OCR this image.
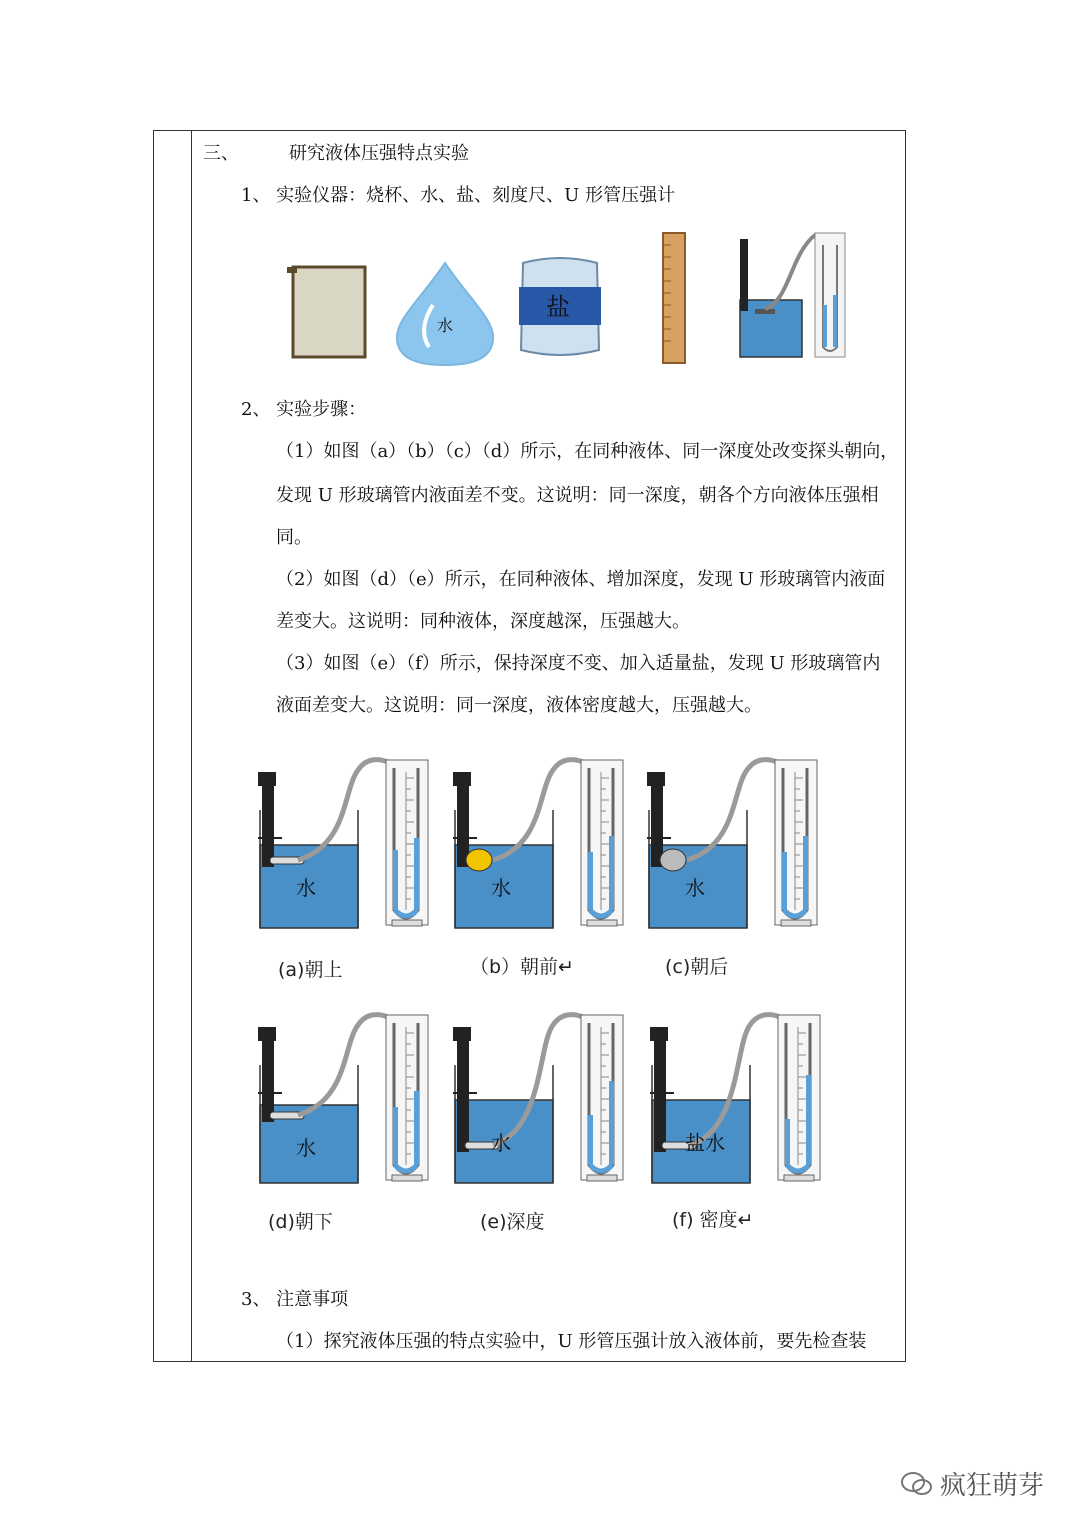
三、	研究液体压强特点实验
1、 实验仪器：烧杯、水、盐、刻度尺、U 形管压强计
水
盐
2、 实验步骤：
（1）如图（a）（b）（c）（d）所示，在同种液体、同一深度处改变探头朝向，
发现 U 形玻璃管内液面差不变。这说明：同一深度，朝各个方向液体压强相
同。
（2）如图（d）（e）所示，在同种液体、增加深度，发现 U 形玻璃管内液面
差变大。这说明：同种液体，深度越深，压强越大。
（3）如图（e）（f）所示，保持深度不变、加入适量盐，发现 U 形玻璃管内
液面差变大。这说明：同一深度，液体密度越大，压强越大。
水	水	水
水	水	盐水
(a)朝上	（b）朝前↵	(c)朝后
(d)朝下	(e)深度	(f) 密度↵
3、 注意事项
（1）探究液体压强的特点实验中，U 形管压强计放入液体前，要先检查装
疯狂萌芽
